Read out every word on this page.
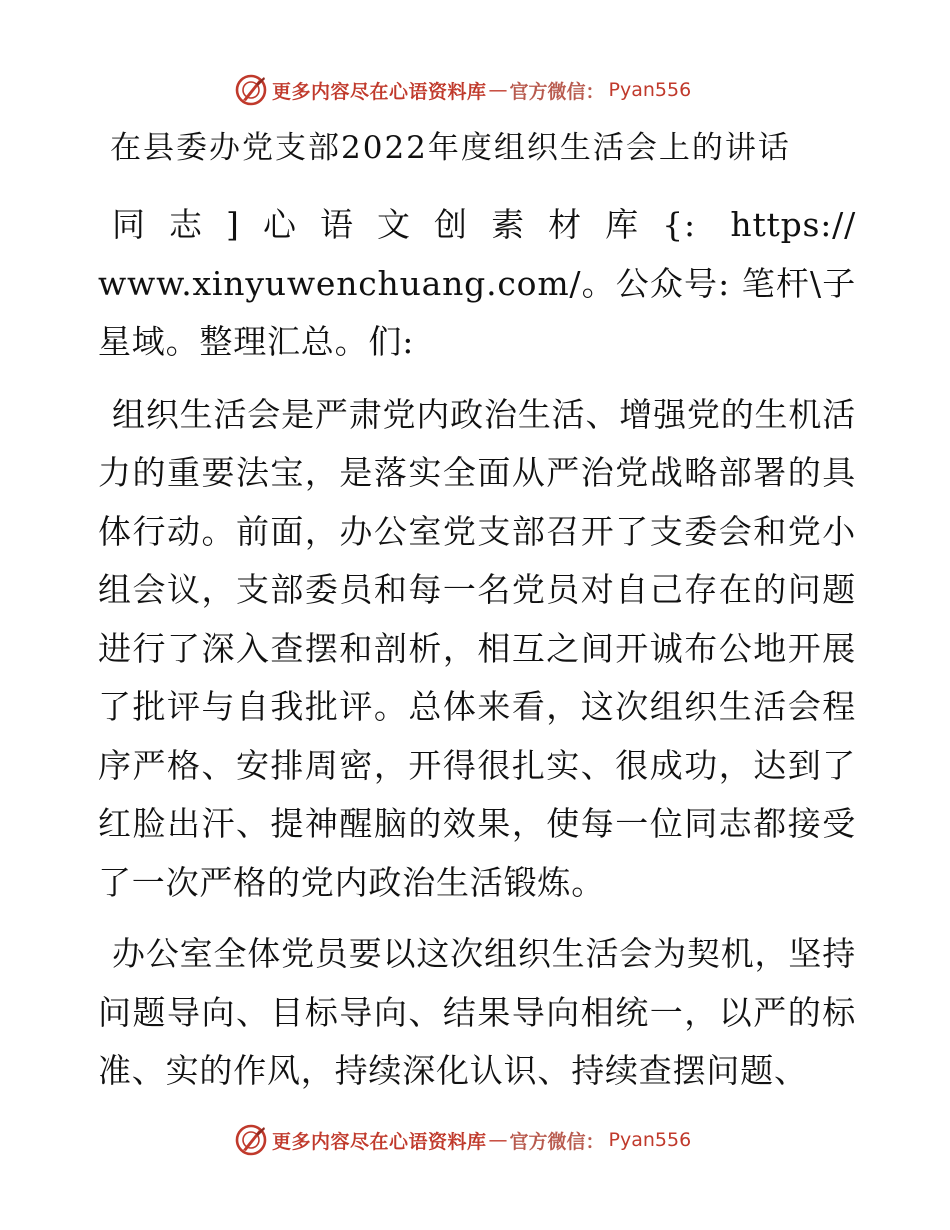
更多内容尽在心语资料库 — 官方微信： Pyan556
在县委办党支部2022年度组织生活会上的讲话

同志]心语文创素材库{: https:// www.xinyuwenchuang.com/。公众号: 笔杆\子星域。整理汇总。们:

组织生活会是严肃党内政治生活、增强党的生机活力的重要法宝，是落实全面从严治党战略部署的具体行动。前面，办公室党支部召开了支委会和党小组会议，支部委员和每一名党员对自己存在的问题进行了深入查摆和剖析，相互之间开诚布公地开展了批评与自我批评。总体来看，这次组织生活会程序严格、安排周密，开得很扎实、很成功，达到了红脸出汗、提神醒脑的效果，使每一位同志都接受了一次严格的党内政治生活锻炼。

办公室全体党员要以这次组织生活会为契机，坚持问题导向、目标导向、结果导向相统一，以严的标准、实的作风，持续深化认识、持续查摆问题、

更多内容尽在心语资料库 — 官方微信： Pyan556
